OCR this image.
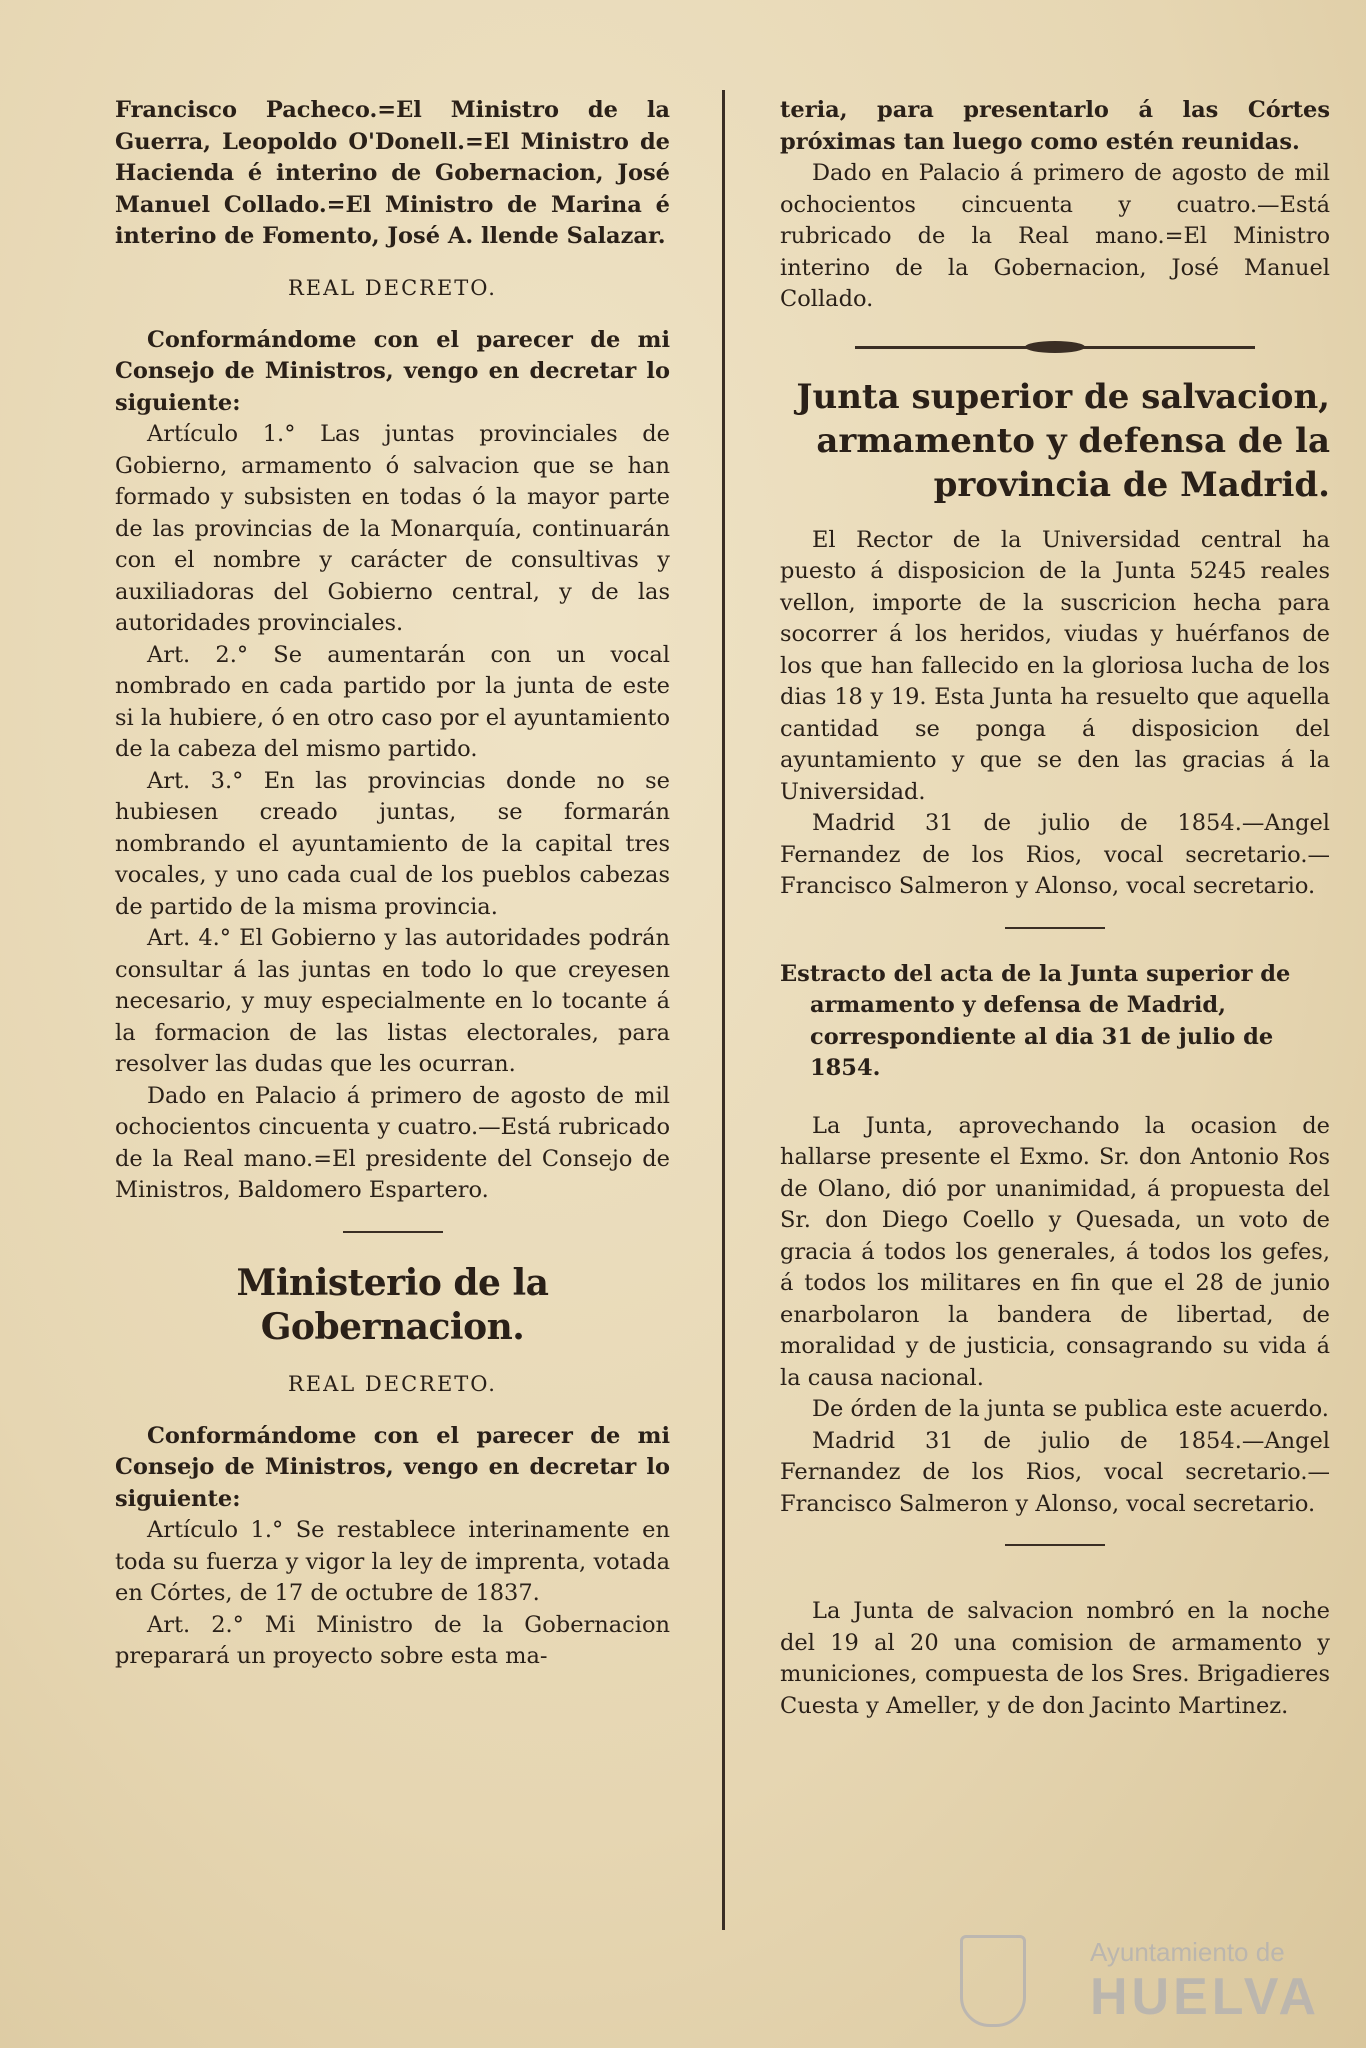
Francisco Pacheco.=El Ministro de la Guerra, Leopoldo O'Donell.=El Ministro de Hacienda é interino de Gobernacion, José Manuel Collado.=El Ministro de Marina é interino de Fomento, José A. llende Salazar.

REAL DECRETO.

Conformándome con el parecer de mi Consejo de Ministros, vengo en decretar lo siguiente:

Artículo 1.° Las juntas provinciales de Gobierno, armamento ó salvacion que se han formado y subsisten en todas ó la mayor parte de las provincias de la Monarquía, continuarán con el nombre y carácter de consultivas y auxiliadoras del Gobierno central, y de las autoridades provinciales.

Art. 2.° Se aumentarán con un vocal nombrado en cada partido por la junta de este si la hubiere, ó en otro caso por el ayuntamiento de la cabeza del mismo partido.

Art. 3.° En las provincias donde no se hubiesen creado juntas, se formarán nombrando el ayuntamiento de la capital tres vocales, y uno cada cual de los pueblos cabezas de partido de la misma provincia.

Art. 4.° El Gobierno y las autoridades podrán consultar á las juntas en todo lo que creyesen necesario, y muy especialmente en lo tocante á la formacion de las listas electorales, para resolver las dudas que les ocurran.

Dado en Palacio á primero de agosto de mil ochocientos cincuenta y cuatro.—Está rubricado de la Real mano.=El presidente del Consejo de Ministros, Baldomero Espartero.

Ministerio de la Gobernacion.
REAL DECRETO.

Conformándome con el parecer de mi Consejo de Ministros, vengo en decretar lo siguiente:

Artículo 1.° Se restablece interinamente en toda su fuerza y vigor la ley de imprenta, votada en Córtes, de 17 de octubre de 1837.

Art. 2.° Mi Ministro de la Gobernacion preparará un proyecto sobre esta ma-

teria, para presentarlo á las Córtes próximas tan luego como estén reunidas.

Dado en Palacio á primero de agosto de mil ochocientos cincuenta y cuatro.—Está rubricado de la Real mano.=El Ministro interino de la Gobernacion, José Manuel Collado.

Junta superior de salvacion,
armamento y defensa de la
provincia de Madrid.

El Rector de la Universidad central ha puesto á disposicion de la Junta 5245 reales vellon, importe de la suscricion hecha para socorrer á los heridos, viudas y huérfanos de los que han fallecido en la gloriosa lucha de los dias 18 y 19. Esta Junta ha resuelto que aquella cantidad se ponga á disposicion del ayuntamiento y que se den las gracias á la Universidad.

Madrid 31 de julio de 1854.—Angel Fernandez de los Rios, vocal secretario.—Francisco Salmeron y Alonso, vocal secretario.

Estracto del acta de la Junta superior de armamento y defensa de Madrid, correspondiente al dia 31 de julio de 1854.

La Junta, aprovechando la ocasion de hallarse presente el Exmo. Sr. don Antonio Ros de Olano, dió por unanimidad, á propuesta del Sr. don Diego Coello y Quesada, un voto de gracia á todos los generales, á todos los gefes, á todos los militares en fin que el 28 de junio enarbolaron la bandera de libertad, de moralidad y de justicia, consagrando su vida á la causa nacional.

De órden de la junta se publica este acuerdo.

Madrid 31 de julio de 1854.—Angel Fernandez de los Rios, vocal secretario.—Francisco Salmeron y Alonso, vocal secretario.

La Junta de salvacion nombró en la noche del 19 al 20 una comision de armamento y municiones, compuesta de los Sres. Brigadieres Cuesta y Ameller, y de don Jacinto Martinez.

Ayuntamiento de
HUELVA
